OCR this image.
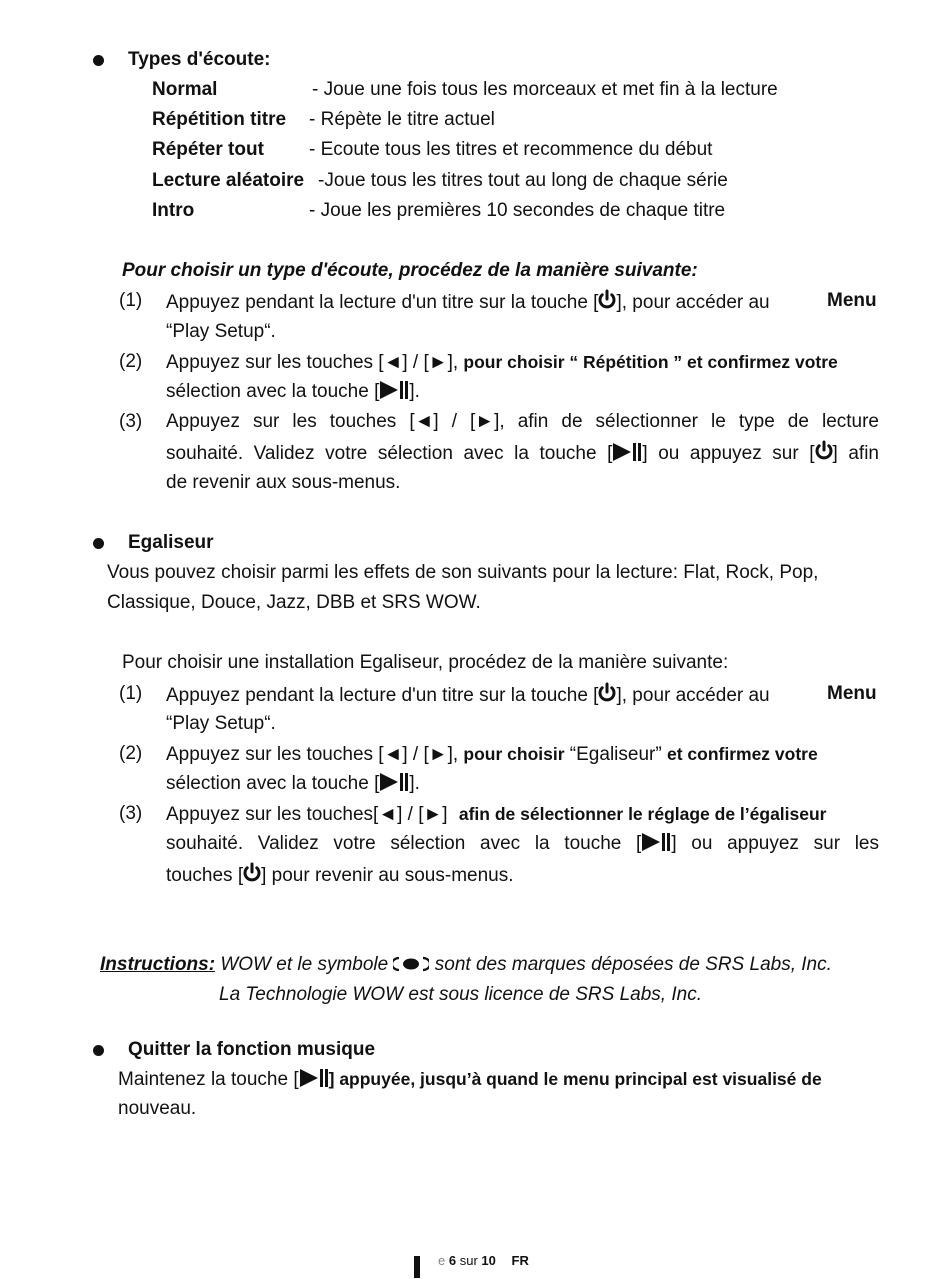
Types d'écoute:
Normal	- Joue une fois tous les morceaux et met fin à la lecture
Répétition titre - Répète le titre actuel
Répéter tout - Ecoute tous les titres et recommence du début
Lecture aléatoire -Joue tous les titres tout au long de chaque série
Intro	- Joue les premières 10 secondes de chaque titre
Pour choisir un type d'écoute, procédez de la manière suivante:
(1) Appuyez pendant la lecture d'un titre sur la touche [ ], pour accéder au	Menu
“Play Setup“.
(2) Appuyez sur les touches [◄] / [►], pour choisir “ Répétition ” et confirmez votre
sélection avec la touche [ ].
(3) Appuyez sur les touches [◄] / [►], afin de sélectionner le type de lecture
souhaité. Validez votre sélection avec la touche [ ] ou appuyez sur [ ] afin
de revenir aux sous-menus.
Egaliseur
Vous pouvez choisir parmi les effets de son suivants pour la lecture: Flat, Rock, Pop,
Classique, Douce, Jazz, DBB et SRS WOW.
Pour choisir une installation Egaliseur, procédez de la manière suivante:
(1) Appuyez pendant la lecture d'un titre sur la touche [ ], pour accéder au	Menu
“Play Setup“.
(2) Appuyez sur les touches [◄] / [►], pour choisir “Egaliseur” et confirmez votre
sélection avec la touche [ ].
(3) Appuyez sur les touches[◄] / [►] afin de sélectionner le réglage de l’égaliseur
souhaité. Validez votre sélection avec la touche [ ] ou appuyez sur les
touches [ ] pour revenir au sous-menus.
Instructions: WOW et le symbole  sont des marques déposées de SRS Labs, Inc.
La Technologie WOW est sous licence de SRS Labs, Inc.
Quitter la fonction musique
Maintenez la touche [ ] appuyée, jusqu’à quand le menu principal est visualisé de
nouveau.
e 6 sur 10 FR
